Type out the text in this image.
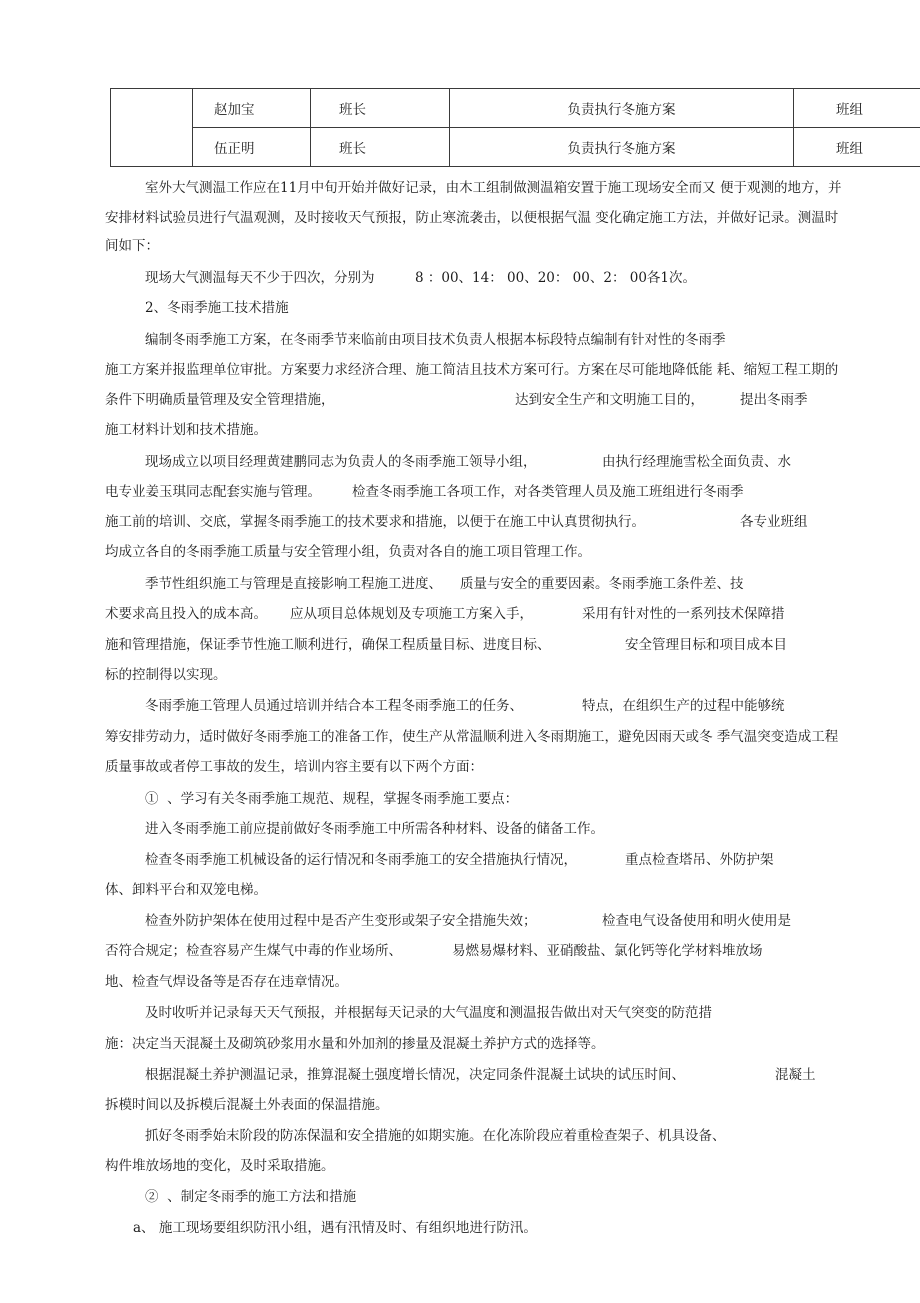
	赵加宝	班长	负责执行冬施方案	班组
	伍正明	班长	负责执行冬施方案	班组
室外大气测温工作应在11月中旬开始并做好记录，由木工组制做测温箱安置于施工现场安全而又 便于观测的地方，并
安排材料试验员进行气温观测，及时接收天气预报，防止寒流袭击，以便根据气温 变化确定施工方法，并做好记录。测温时
间如下：
现场大气测温每天不少于四次，分别为	8 ：00、14： 00、20： 00、2： 00各1次。
2、冬雨季施工技术措施
编制冬雨季施工方案，在冬雨季节来临前由项目技术负责人根据本标段特点编制有针对性的冬雨季
施工方案并报监理单位审批。方案要力求经济合理、施工简洁且技术方案可行。方案在尽可能地降低能 耗、缩短工程工期的
条件下明确质量管理及安全管理措施，	达到安全生产和文明施工目的，	提出冬雨季
施工材料计划和技术措施。
现场成立以项目经理黄建鹏同志为负责人的冬雨季施工领导小组，	由执行经理施雪松全面负责、水
电专业姜玉琪同志配套实施与管理。 检查冬雨季施工各项工作，对各类管理人员及施工班组进行冬雨季
施工前的培训、交底，掌握冬雨季施工的技术要求和措施，以便于在施工中认真贯彻执行。	各专业班组
均成立各自的冬雨季施工质量与安全管理小组，负责对各自的施工项目管理工作。
季节性组织施工与管理是直接影响工程施工进度、 质量与安全的重要因素。冬雨季施工条件差、技
术要求高且投入的成本高。 应从项目总体规划及专项施工方案入手，	采用有针对性的一系列技术保障措
施和管理措施，保证季节性施工顺利进行，确保工程质量目标、进度目标、	安全管理目标和项目成本目
标的控制得以实现。
冬雨季施工管理人员通过培训并结合本工程冬雨季施工的任务、	特点，在组织生产的过程中能够统
筹安排劳动力，适时做好冬雨季施工的准备工作，使生产从常温顺利进入冬雨期施工，避免因雨天或冬 季气温突变造成工程
质量事故或者停工事故的发生，培训内容主要有以下两个方面：
①  、学习有关冬雨季施工规范、规程，掌握冬雨季施工要点：
进入冬雨季施工前应提前做好冬雨季施工中所需各种材料、设备的储备工作。
检查冬雨季施工机械设备的运行情况和冬雨季施工的安全措施执行情况，	重点检查塔吊、外防护架
体、卸料平台和双笼电梯。
检查外防护架体在使用过程中是否产生变形或架子安全措施失效；	检查电气设备使用和明火使用是
否符合规定；检查容易产生煤气中毒的作业场所、	易燃易爆材料、亚硝酸盐、氯化钙等化学材料堆放场
地、检查气焊设备等是否存在违章情况。
及时收听并记录每天天气预报，并根据每天记录的大气温度和测温报告做出对天气突变的防范措
施：决定当天混凝土及砌筑砂浆用水量和外加剂的掺量及混凝土养护方式的选择等。
根据混凝土养护测温记录，推算混凝土强度增长情况，决定同条件混凝土试块的试压时间、	混凝土
拆模时间以及拆模后混凝土外表面的保温措施。
抓好冬雨季始末阶段的防冻保温和安全措施的如期实施。在化冻阶段应着重检查架子、机具设备、
构件堆放场地的变化，及时采取措施。
②  、制定冬雨季的施工方法和措施
a、 施工现场要组织防汛小组，遇有汛情及时、有组织地进行防汛。
